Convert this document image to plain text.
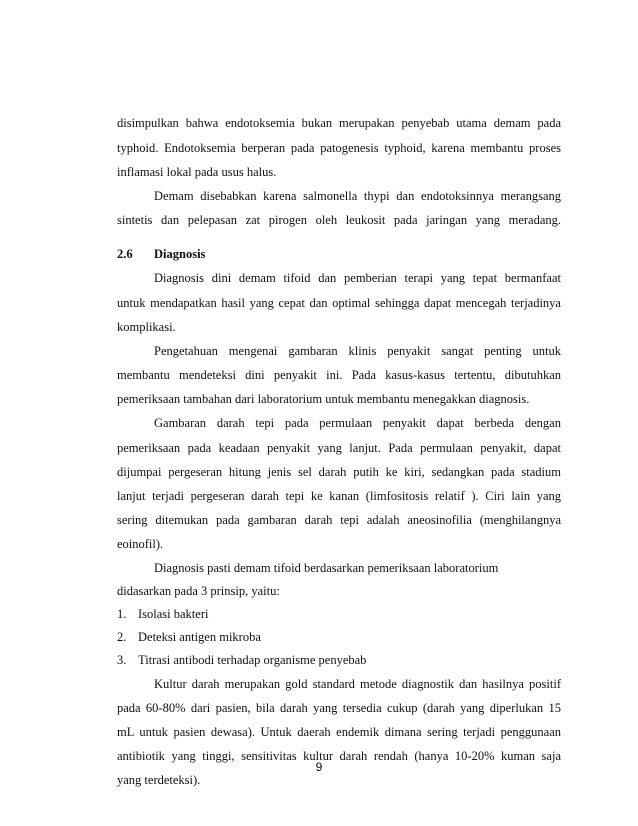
disimpulkan bahwa endotoksemia bukan merupakan penyebab utama demam pada
typhoid. Endotoksemia berperan pada patogenesis typhoid, karena membantu proses
inflamasi lokal pada usus halus.
Demam disebabkan karena salmonella thypi dan endotoksinnya merangsang
sintetis dan pelepasan zat pirogen oleh leukosit pada jaringan yang meradang.
2.6 Diagnosis
Diagnosis dini demam tifoid dan pemberian terapi yang tepat bermanfaat
untuk mendapatkan hasil yang cepat dan optimal sehingga dapat mencegah terjadinya
komplikasi.
Pengetahuan mengenai gambaran klinis penyakit sangat penting untuk
membantu mendeteksi dini penyakit ini. Pada kasus-kasus tertentu, dibutuhkan
pemeriksaan tambahan dari laboratorium untuk membantu menegakkan diagnosis.
Gambaran darah tepi pada permulaan penyakit dapat berbeda dengan
pemeriksaan pada keadaan penyakit yang lanjut. Pada permulaan penyakit, dapat
dijumpai pergeseran hitung jenis sel darah putih ke kiri, sedangkan pada stadium
lanjut terjadi pergeseran darah tepi ke kanan (limfositosis relatif ). Ciri lain yang
sering ditemukan pada gambaran darah tepi adalah aneosinofilia (menghilangnya
eoinofil).
Diagnosis pasti demam tifoid berdasarkan pemeriksaan laboratorium
didasarkan pada 3 prinsip, yaitu:
1. Isolasi bakteri
2. Deteksi antigen mikroba
3. Titrasi antibodi terhadap organisme penyebab
Kultur darah merupakan gold standard metode diagnostik dan hasilnya positif
pada 60-80% dari pasien, bila darah yang tersedia cukup (darah yang diperlukan 15
mL untuk pasien dewasa). Untuk daerah endemik dimana sering terjadi penggunaan
antibiotik yang tinggi, sensitivitas kultur darah rendah (hanya 10-20% kuman saja
yang terdeteksi).
9
